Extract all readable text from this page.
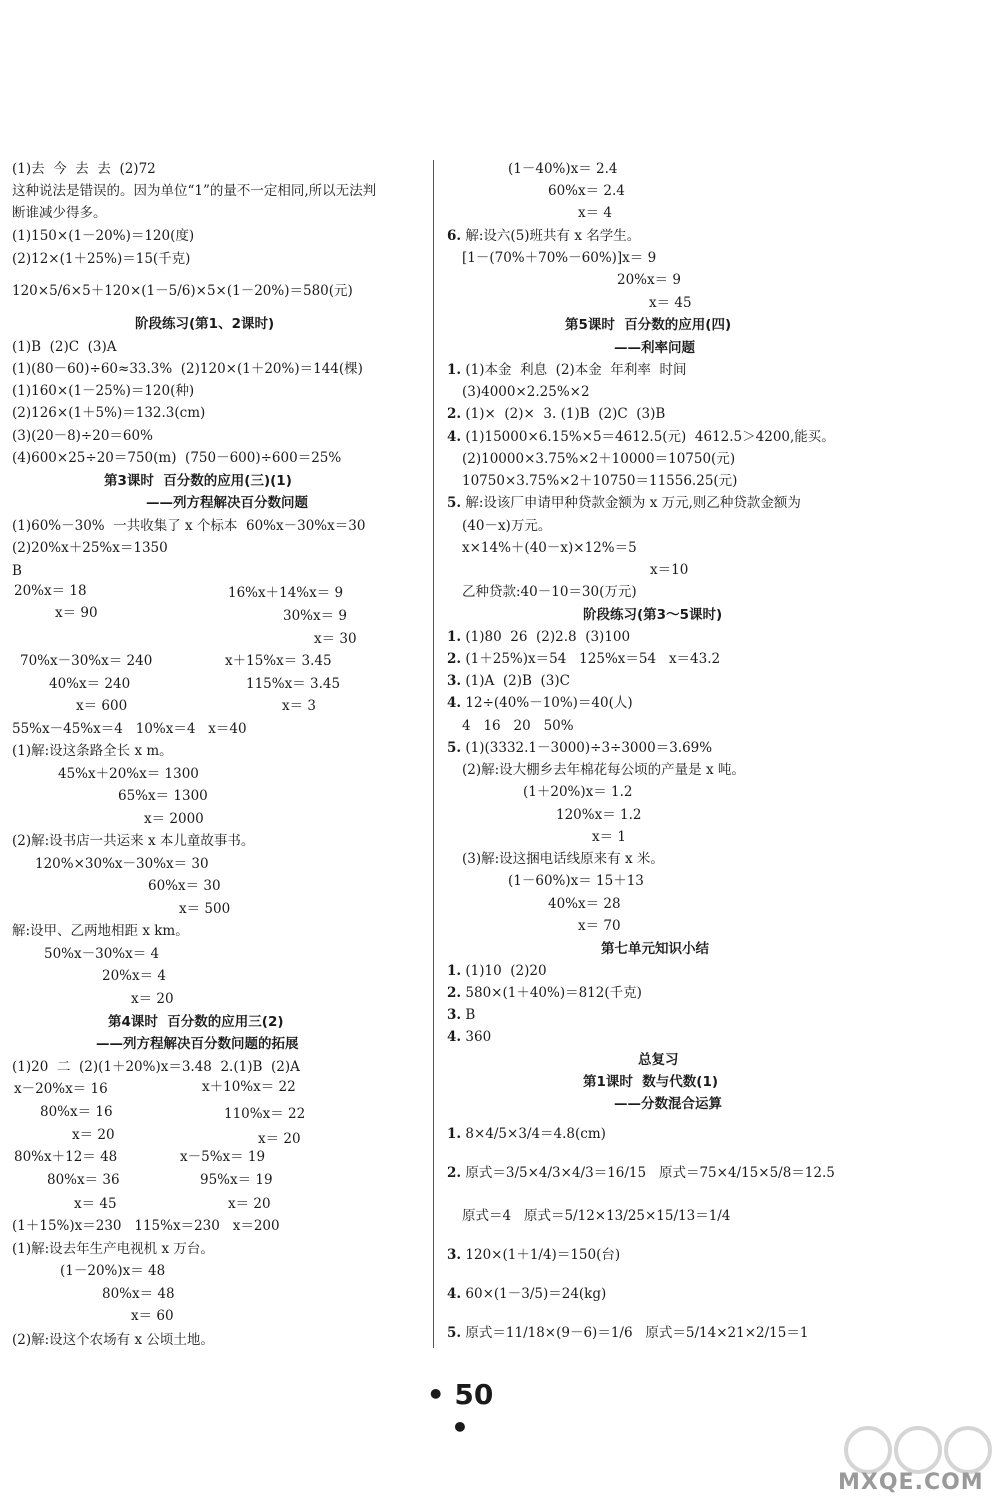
(1)去  今  去  去  (2)72
这种说法是错误的。因为单位“1”的量不一定相同,所以无法判
断谁减少得多。
(1)150×(1－20%)＝120(度)
(2)12×(1＋25%)＝15(千克)
120×5/6×5＋120×(1－5/6)×5×(1－20%)＝580(元)
阶段练习(第1、2课时)
(1)B  (2)C  (3)A
(1)(80－60)÷60≈33.3%  (2)120×(1＋20%)＝144(棵)
(1)160×(1－25%)＝120(种)
(2)126×(1＋5%)＝132.3(cm)
(3)(20－8)÷20＝60%
(4)600×25÷20＝750(m)  (750－600)÷600＝25%
第3课时  百分数的应用(三)(1)
——列方程解决百分数问题
(1)60%－30%  一共收集了 x 个标本  60%x－30%x＝30
(2)20%x＋25%x＝1350
B
20%x＝ 18	16%x＋14%x＝ 9
x＝ 90	30%x＝ 9
x＝ 30
70%x－30%x＝ 240	x＋15%x＝ 3.45
40%x＝ 240	115%x＝ 3.45
x＝ 600	x＝ 3
55%x－45%x＝4   10%x＝4   x＝40
(1)解:设这条路全长 x m。
45%x＋20%x＝ 1300
65%x＝ 1300
x＝ 2000
(2)解:设书店一共运来 x 本儿童故事书。
120%×30%x－30%x＝ 30
60%x＝ 30
x＝ 500
解:设甲、乙两地相距 x km。
50%x－30%x＝ 4
20%x＝ 4
x＝ 20
第4课时  百分数的应用三(2)
——列方程解决百分数问题的拓展
(1)20  二  (2)(1＋20%)x＝3.48  2.(1)B  (2)A
x＋10%x＝ 22
x－20%x＝ 16
80%x＝ 16	110%x＝ 22
x＝ 20	x＝ 20
80%x＋12＝ 48	x－5%x＝ 19
80%x＝ 36	95%x＝ 19
x＝ 45	x＝ 20
(1＋15%)x＝230   115%x＝230   x＝200
(1)解:设去年生产电视机 x 万台。
(1－20%)x＝ 48
80%x＝ 48
x＝ 60
(2)解:设这个农场有 x 公顷土地。
(1－40%)x＝ 2.4
60%x＝ 2.4
x＝ 4
6. 解:设六(5)班共有 x 名学生。
[1－(70%＋70%－60%)]x＝ 9
20%x＝ 9
x＝ 45
第5课时  百分数的应用(四)
——利率问题
1. (1)本金  利息  (2)本金  年利率  时间
(3)4000×2.25%×2
2. (1)×  (2)×  3. (1)B  (2)C  (3)B
4. (1)15000×6.15%×5＝4612.5(元)  4612.5＞4200,能买。
(2)10000×3.75%×2＋10000＝10750(元)
10750×3.75%×2＋10750＝11556.25(元)
5. 解:设该厂申请甲种贷款金额为 x 万元,则乙种贷款金额为
(40－x)万元。
x×14%＋(40－x)×12%＝5
x＝10
乙种贷款:40－10＝30(万元)
阶段练习(第3～5课时)
1. (1)80  26  (2)2.8  (3)100
2. (1＋25%)x＝54   125%x＝54   x＝43.2
3. (1)A  (2)B  (3)C
4. 12÷(40%－10%)＝40(人)
4   16   20   50%
5. (1)(3332.1－3000)÷3÷3000＝3.69%
(2)解:设大棚乡去年棉花每公顷的产量是 x 吨。
(1＋20%)x＝ 1.2
120%x＝ 1.2
x＝ 1
(3)解:设这捆电话线原来有 x 米。
(1－60%)x＝ 15＋13
40%x＝ 28
x＝ 70
第七单元知识小结
1. (1)10  (2)20
2. 580×(1＋40%)＝812(千克)
3. B
4. 360
总复习
第1课时  数与代数(1)
——分数混合运算
1. 8×4/5×3/4＝4.8(cm)
2. 原式＝3/5×4/3×4/3＝16/15   原式＝75×4/15×5/8＝12.5
原式＝4   原式＝5/12×13/25×15/13＝1/4
3. 120×(1＋1/4)＝150(台)
4. 60×(1－3/5)＝24(kg)
5. 原式＝11/18×(9－6)＝1/6   原式＝5/14×21×2/15＝1
• 50 •
MXQE.COM
